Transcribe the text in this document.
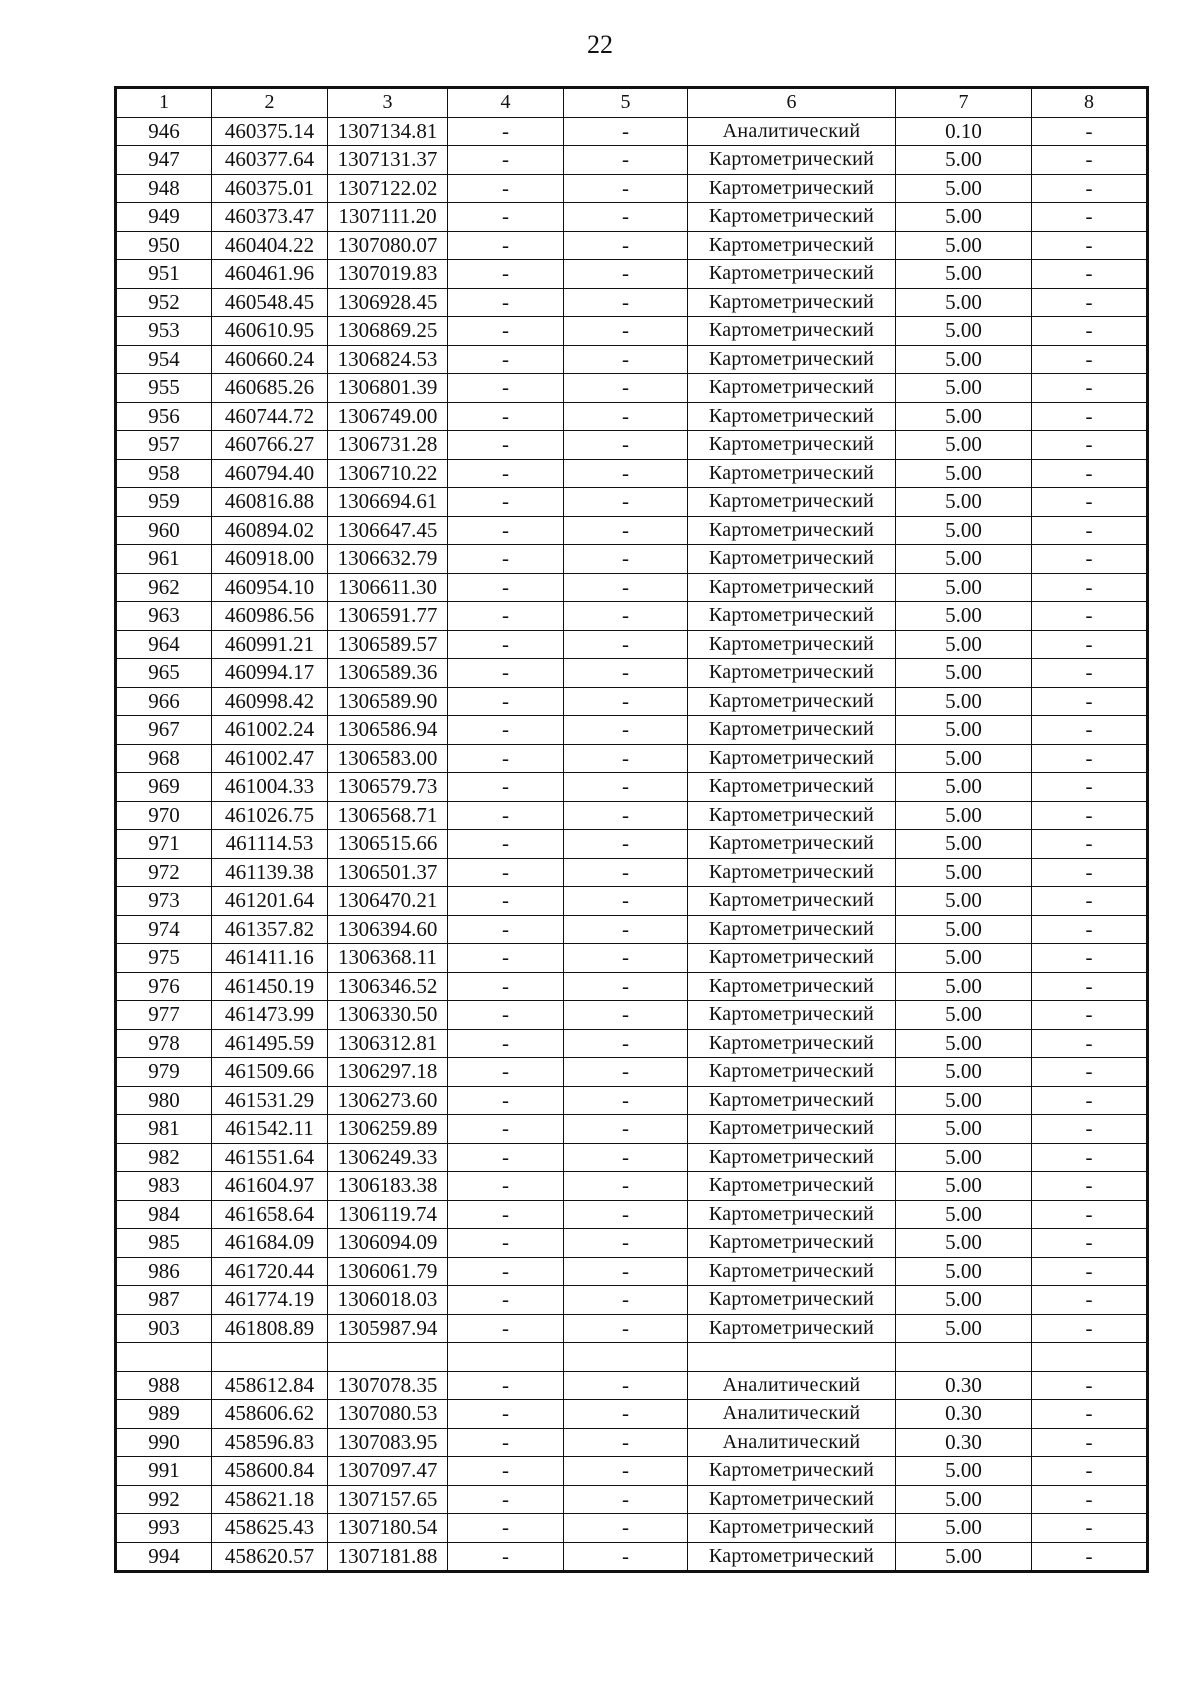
22
1	2	3	4	5	6	7	8
946	460375.14	1307134.81	-	-	Аналитический	0.10	-
947	460377.64	1307131.37	-	-	Картометрический	5.00	-
948	460375.01	1307122.02	-	-	Картометрический	5.00	-
949	460373.47	1307111.20	-	-	Картометрический	5.00	-
950	460404.22	1307080.07	-	-	Картометрический	5.00	-
951	460461.96	1307019.83	-	-	Картометрический	5.00	-
952	460548.45	1306928.45	-	-	Картометрический	5.00	-
953	460610.95	1306869.25	-	-	Картометрический	5.00	-
954	460660.24	1306824.53	-	-	Картометрический	5.00	-
955	460685.26	1306801.39	-	-	Картометрический	5.00	-
956	460744.72	1306749.00	-	-	Картометрический	5.00	-
957	460766.27	1306731.28	-	-	Картометрический	5.00	-
958	460794.40	1306710.22	-	-	Картометрический	5.00	-
959	460816.88	1306694.61	-	-	Картометрический	5.00	-
960	460894.02	1306647.45	-	-	Картометрический	5.00	-
961	460918.00	1306632.79	-	-	Картометрический	5.00	-
962	460954.10	1306611.30	-	-	Картометрический	5.00	-
963	460986.56	1306591.77	-	-	Картометрический	5.00	-
964	460991.21	1306589.57	-	-	Картометрический	5.00	-
965	460994.17	1306589.36	-	-	Картометрический	5.00	-
966	460998.42	1306589.90	-	-	Картометрический	5.00	-
967	461002.24	1306586.94	-	-	Картометрический	5.00	-
968	461002.47	1306583.00	-	-	Картометрический	5.00	-
969	461004.33	1306579.73	-	-	Картометрический	5.00	-
970	461026.75	1306568.71	-	-	Картометрический	5.00	-
971	461114.53	1306515.66	-	-	Картометрический	5.00	-
972	461139.38	1306501.37	-	-	Картометрический	5.00	-
973	461201.64	1306470.21	-	-	Картометрический	5.00	-
974	461357.82	1306394.60	-	-	Картометрический	5.00	-
975	461411.16	1306368.11	-	-	Картометрический	5.00	-
976	461450.19	1306346.52	-	-	Картометрический	5.00	-
977	461473.99	1306330.50	-	-	Картометрический	5.00	-
978	461495.59	1306312.81	-	-	Картометрический	5.00	-
979	461509.66	1306297.18	-	-	Картометрический	5.00	-
980	461531.29	1306273.60	-	-	Картометрический	5.00	-
981	461542.11	1306259.89	-	-	Картометрический	5.00	-
982	461551.64	1306249.33	-	-	Картометрический	5.00	-
983	461604.97	1306183.38	-	-	Картометрический	5.00	-
984	461658.64	1306119.74	-	-	Картометрический	5.00	-
985	461684.09	1306094.09	-	-	Картометрический	5.00	-
986	461720.44	1306061.79	-	-	Картометрический	5.00	-
987	461774.19	1306018.03	-	-	Картометрический	5.00	-
903	461808.89	1305987.94	-	-	Картометрический	5.00	-

988	458612.84	1307078.35	-	-	Аналитический	0.30	-
989	458606.62	1307080.53	-	-	Аналитический	0.30	-
990	458596.83	1307083.95	-	-	Аналитический	0.30	-
991	458600.84	1307097.47	-	-	Картометрический	5.00	-
992	458621.18	1307157.65	-	-	Картометрический	5.00	-
993	458625.43	1307180.54	-	-	Картометрический	5.00	-
994	458620.57	1307181.88	-	-	Картометрический	5.00	-
